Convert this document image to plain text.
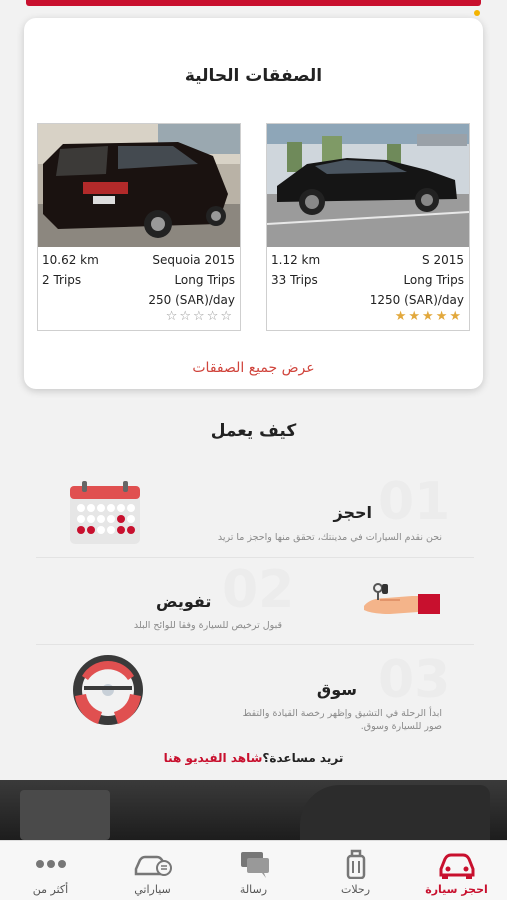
الصفقات الحالية
1.12 km	S 2015
33 Trips	Long Trips
1250 (SAR)/day
★★★★★
10.62 km	Sequoia 2015
2 Trips	Long Trips
250 (SAR)/day
☆☆☆☆☆
عرض جميع الصفقات
كيف يعمل
01
احجز
نحن نقدم السيارات في مدينتك، تحقق منها واحجز ما تريد
02
تفويض
قبول ترخيص للسيارة وفقا للوائح البلد
03
سوق
ابدأ الرحلة في التشيق وإظهر رخصة القيادة والتقط صور للسيارة وسوق.
تريد مساعدة؟شاهد الفيديو هنا
احجز سيارة
رحلات
رسالة
سياراتي
أكثر من
